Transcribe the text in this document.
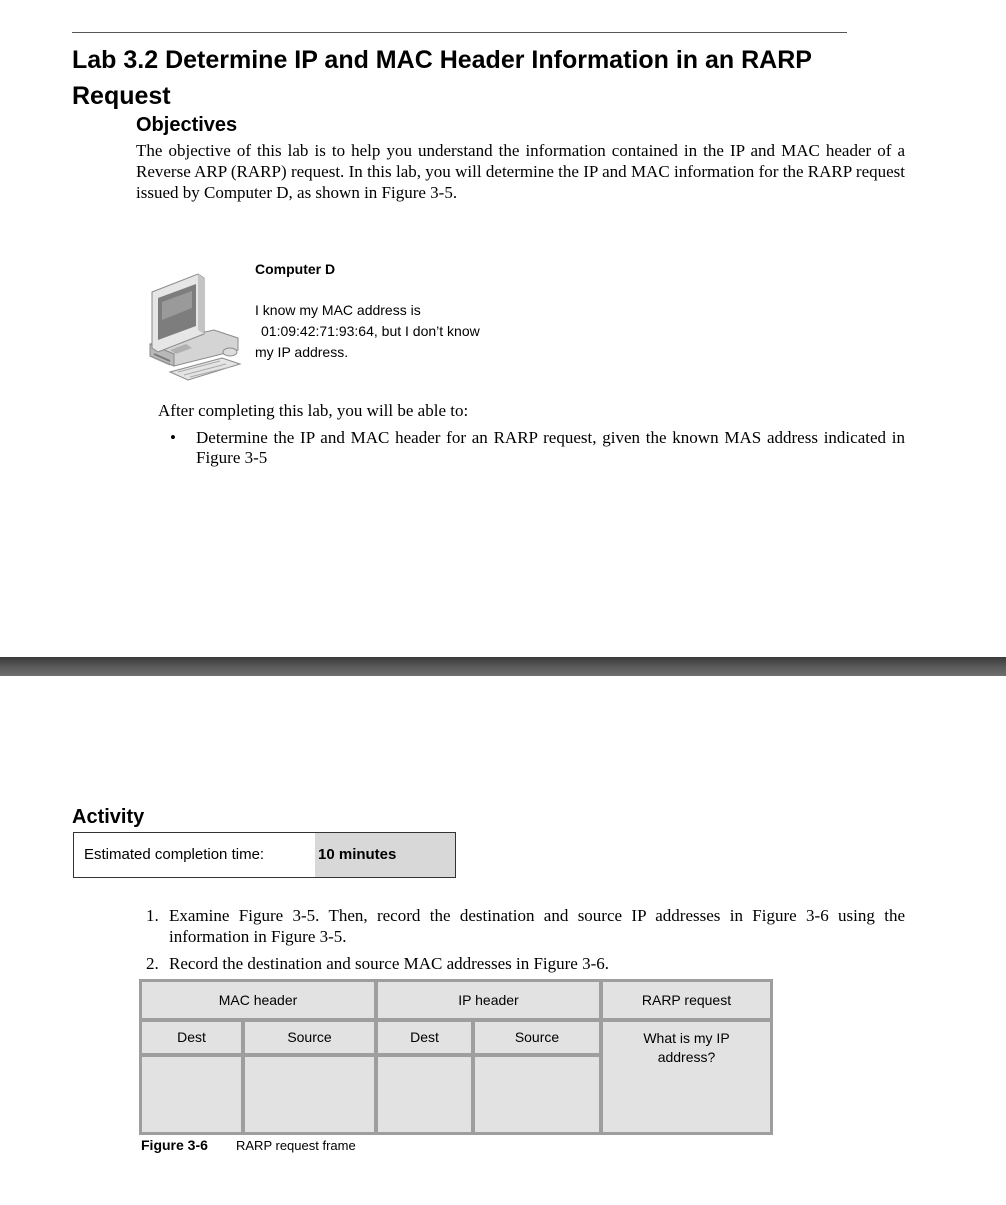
Lab 3.2 Determine IP and MAC Header Information in an RARP Request
Objectives

The objective of this lab is to help you understand the information contained in the IP and MAC header of a Reverse ARP (RARP) request. In this lab, you will determine the IP and MAC information for the RARP request issued by Computer D, as shown in Figure 3-5.

Computer D
I know my MAC address is
01:09:42:71:93:64, but I don’t know
my IP address.
After completing this lab, you will be able to:
•	Determine the IP and MAC header for an RARP request, given the known MAS address indicated in Figure 3-5
Activity
Estimated completion time:	10 minutes
1. Examine Figure 3-5. Then, record the destination and source IP addresses in Figure 3-6 using the information in Figure 3-5.
2. Record the destination and source MAC addresses in Figure 3-6.
MAC header	IP header	RARP request
Dest	Source	Dest	Source	What is my IP
address?
Figure 3-6 RARP request frame
